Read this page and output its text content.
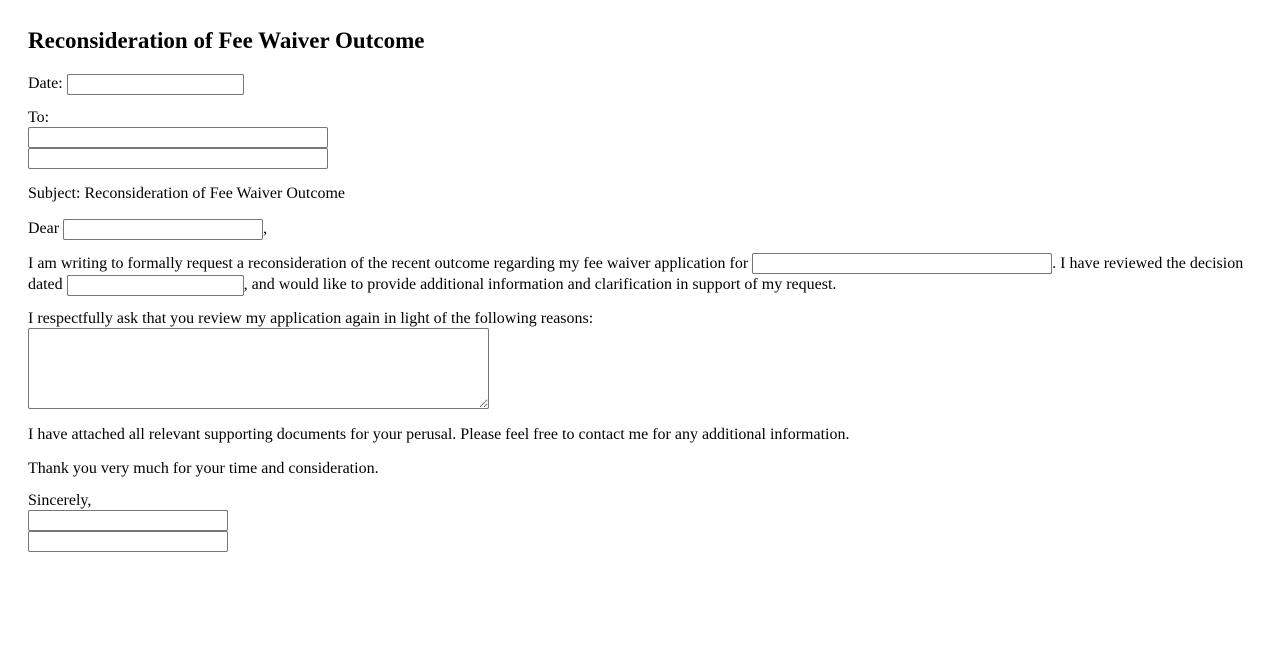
Reconsideration of Fee Waiver Outcome
Date:
To:
Subject: Reconsideration of Fee Waiver Outcome
Dear	,
I am writing to formally request a reconsideration of the recent outcome regarding my fee waiver application for	. I have reviewed the decision dated	, and would like to provide additional information and clarification in support of my request.
I respectfully ask that you review my application again in light of the following reasons:

I have attached all relevant supporting documents for your perusal. Please feel free to contact me for any additional information.

Thank you very much for your time and consideration.

Sincerely,
